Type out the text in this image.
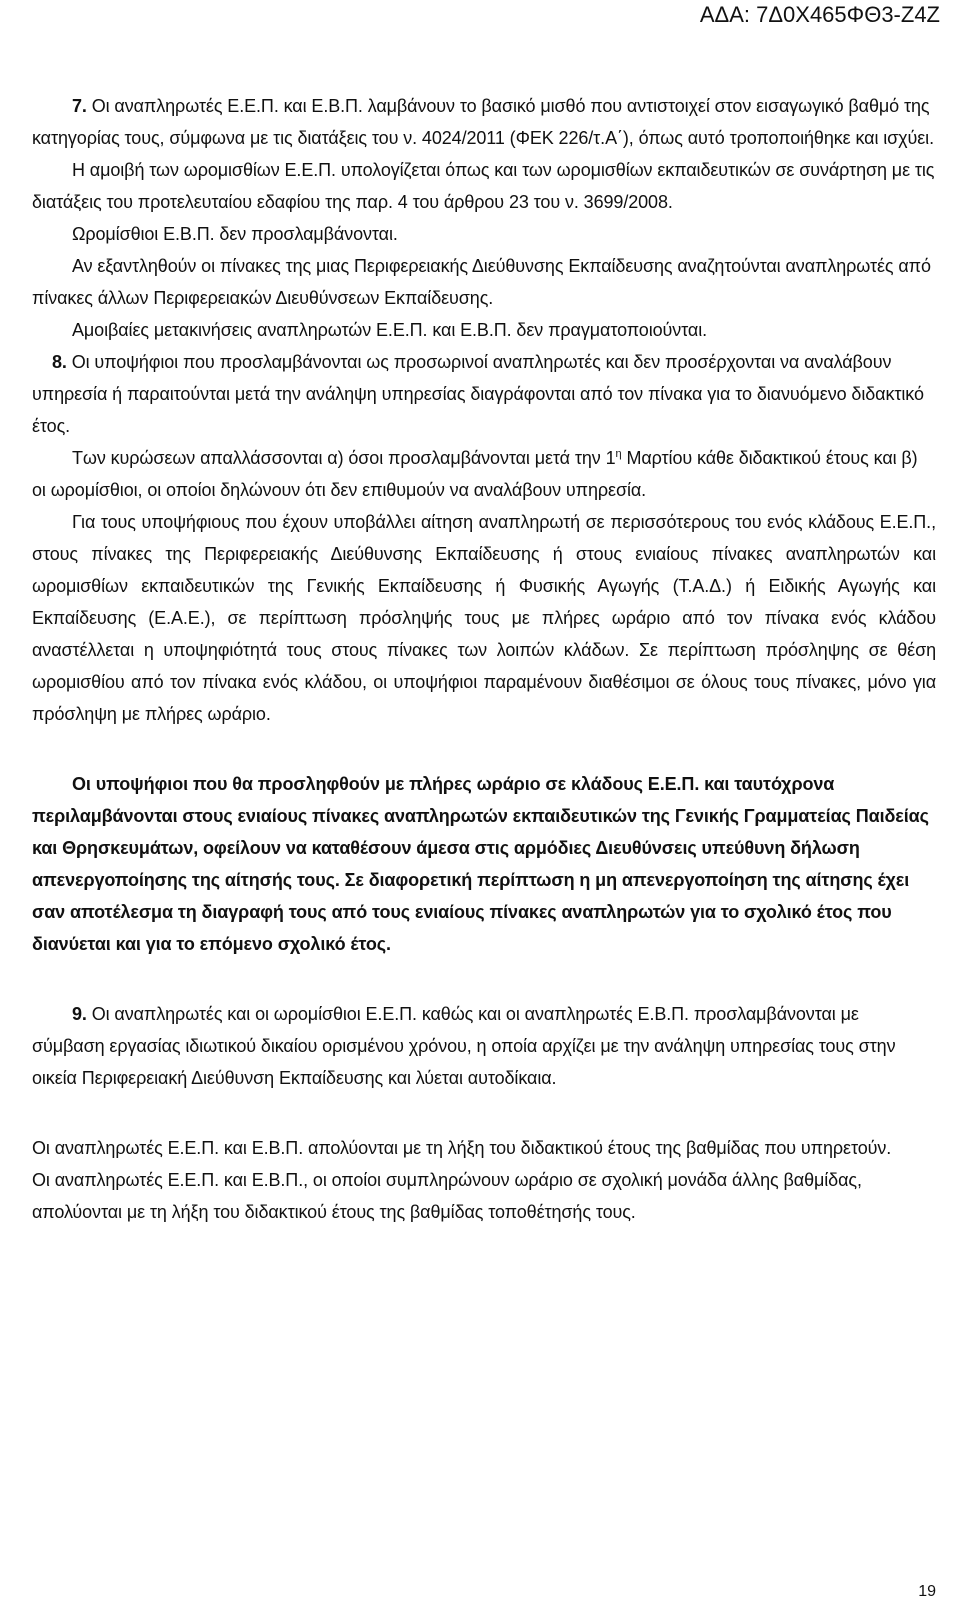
ΑΔΑ: 7Δ0Χ465ΦΘ3-Ζ4Ζ

7. Οι αναπληρωτές Ε.Ε.Π. και Ε.Β.Π. λαμβάνουν το βασικό μισθό που αντιστοιχεί στον εισαγωγικό βαθμό της κατηγορίας τους, σύμφωνα με τις διατάξεις του ν. 4024/2011 (ΦΕΚ 226/τ.Α΄), όπως αυτό τροποποιήθηκε και ισχύει.

Η αμοιβή των ωρομισθίων Ε.Ε.Π. υπολογίζεται όπως και των ωρομισθίων εκπαιδευτικών σε συνάρτηση με τις διατάξεις του προτελευταίου εδαφίου της παρ. 4 του άρθρου 23 του ν. 3699/2008.

Ωρομίσθιοι Ε.Β.Π. δεν προσλαμβάνονται.

Αν εξαντληθούν οι πίνακες της μιας Περιφερειακής Διεύθυνσης Εκπαίδευσης αναζητούνται αναπληρωτές από πίνακες άλλων Περιφερειακών Διευθύνσεων Εκπαίδευσης.

Αμοιβαίες μετακινήσεις αναπληρωτών Ε.Ε.Π. και Ε.Β.Π. δεν πραγματοποιούνται.

8. Οι υποψήφιοι που προσλαμβάνονται ως προσωρινοί αναπληρωτές και δεν προσέρχονται να αναλάβουν υπηρεσία ή παραιτούνται μετά την ανάληψη υπηρεσίας διαγράφονται από τον πίνακα για το διανυόμενο διδακτικό έτος.

Των κυρώσεων απαλλάσσονται α) όσοι προσλαμβάνονται μετά την $1^\eta$ Μαρτίου κάθε διδακτικού έτους και β) οι ωρομίσθιοι, οι οποίοι δηλώνουν ότι δεν επιθυμούν να αναλάβουν υπηρεσία.

Για τους υποψήφιους που έχουν υποβάλλει αίτηση αναπληρωτή σε περισσότερους του ενός κλάδους Ε.Ε.Π., στους πίνακες της Περιφερειακής Διεύθυνσης Εκπαίδευσης ή στους ενιαίους πίνακες αναπληρωτών και ωρομισθίων εκπαιδευτικών της Γενικής Εκπαίδευσης ή Φυσικής Αγωγής (Τ.Α.Δ.) ή Ειδικής Αγωγής και Εκπαίδευσης (Ε.Α.Ε.), σε περίπτωση πρόσληψής τους με πλήρες ωράριο από τον πίνακα ενός κλάδου αναστέλλεται η υποψηφιότητά τους στους πίνακες των λοιπών κλάδων. Σε περίπτωση πρόσληψης σε θέση ωρομισθίου από τον πίνακα ενός κλάδου, οι υποψήφιοι παραμένουν διαθέσιμοι σε όλους τους πίνακες, μόνο για πρόσληψη με πλήρες ωράριο.

Οι υποψήφιοι που θα προσληφθούν με πλήρες ωράριο σε κλάδους Ε.Ε.Π. και ταυτόχρονα περιλαμβάνονται στους ενιαίους πίνακες αναπληρωτών εκπαιδευτικών της Γενικής Γραμματείας Παιδείας και Θρησκευμάτων, οφείλουν να καταθέσουν άμεσα στις αρμόδιες Διευθύνσεις υπεύθυνη δήλωση απενεργοποίησης της αίτησής τους. Σε διαφορετική περίπτωση η μη απενεργοποίηση της αίτησης έχει σαν αποτέλεσμα τη διαγραφή τους από τους ενιαίους πίνακες αναπληρωτών για το σχολικό έτος που διανύεται και για το επόμενο σχολικό έτος.

9. Οι αναπληρωτές και οι ωρομίσθιοι Ε.Ε.Π. καθώς και οι αναπληρωτές Ε.Β.Π. προσλαμβάνονται με σύμβαση εργασίας ιδιωτικού δικαίου ορισμένου χρόνου, η οποία αρχίζει με την ανάληψη υπηρεσίας τους στην οικεία Περιφερειακή Διεύθυνση Εκπαίδευσης και λύεται αυτοδίκαια.

Οι αναπληρωτές Ε.Ε.Π. και Ε.Β.Π. απολύονται με τη λήξη του διδακτικού έτους της βαθμίδας που υπηρετούν.

Οι αναπληρωτές Ε.Ε.Π. και Ε.Β.Π., οι οποίοι συμπληρώνουν ωράριο σε σχολική μονάδα άλλης βαθμίδας, απολύονται με τη λήξη του διδακτικού έτους της βαθμίδας τοποθέτησής τους.

19
